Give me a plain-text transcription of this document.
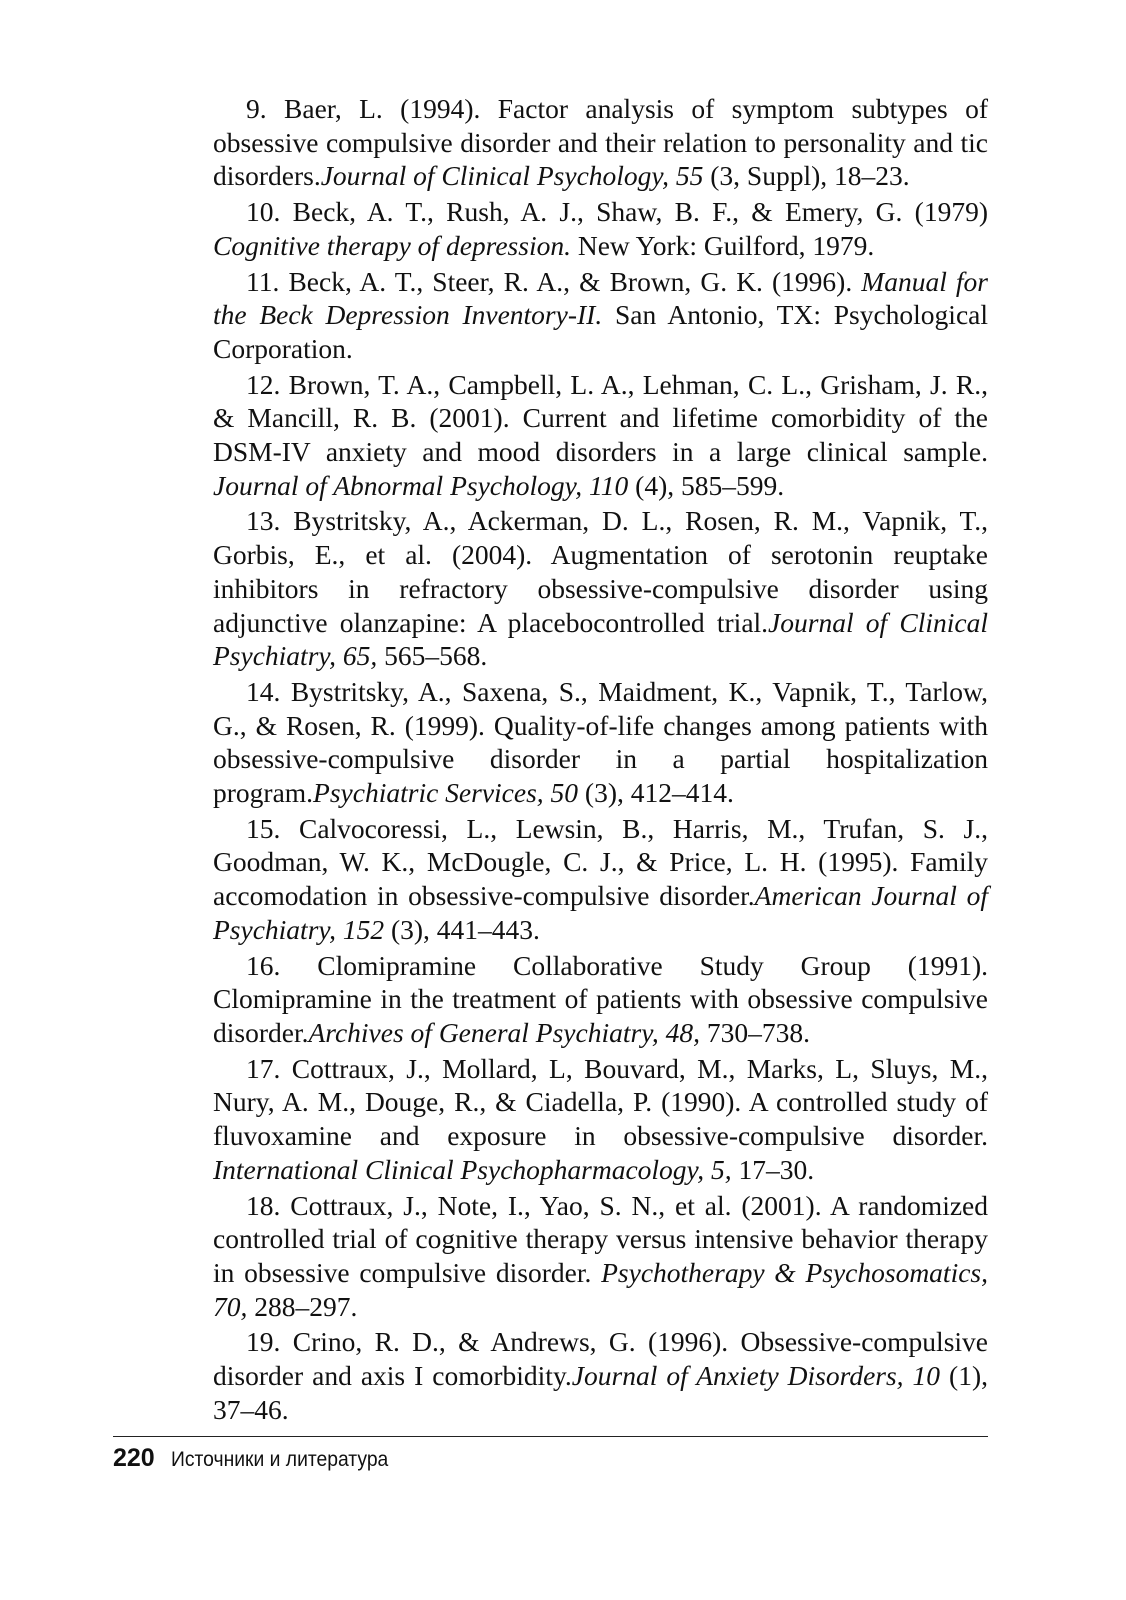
9. Baer, L. (1994). Factor analysis of symptom subtypes of obsessive compulsive disorder and their relation to personality and tic disorders.Journal of Clinical Psychology, 55 (3, Suppl), 18–23.

10. Beck, A. T., Rush, A. J., Shaw, B. F., & Emery, G. (1979) Cognitive therapy of depression. New York: Guilford, 1979.

11. Beck, A. T., Steer, R. A., & Brown, G. K. (1996). Manual for the Beck Depression Inventory-II. San Antonio, TX: Psychological Corporation.

12. Brown, T. A., Campbell, L. A., Lehman, C. L., Grisham, J. R., & Mancill, R. B. (2001). Current and lifetime comorbidity of the DSM-IV anxiety and mood disorders in a large clinical sample. Journal of Abnormal Psychology, 110 (4), 585–599.

13. Bystritsky, A., Ackerman, D. L., Rosen, R. M., Vapnik, T., Gorbis, E., et al. (2004). Augmentation of serotonin reuptake inhibitors in refractory obsessive-compulsive disorder using adjunctive olanzapine: A placebocontrolled trial.Journal of Clinical Psychiatry, 65, 565–568.

14. Bystritsky, A., Saxena, S., Maidment, K., Vapnik, T., Tarlow, G., & Rosen, R. (1999). Quality-of-life changes among patients with obsessive-compulsive disorder in a partial hospitalization program.Psychiatric Services, 50 (3), 412–414.

15. Calvocoressi, L., Lewsin, B., Harris, M., Trufan, S. J., Goodman, W. K., McDougle, C. J., & Price, L. H. (1995). Family accomodation in obsessive-compulsive disorder.American Journal of Psychiatry, 152 (3), 441–443.

16. Clomipramine Collaborative Study Group (1991). Clomipramine in the treatment of patients with obsessive compulsive disorder.Archives of General Psychiatry, 48, 730–738.

17. Cottraux, J., Mollard, L, Bouvard, M., Marks, L, Sluys, M., Nury, A. M., Douge, R., & Ciadella, P. (1990). A controlled study of fluvoxamine and exposure in obsessive-compulsive disorder. International Clinical Psychopharmacology, 5, 17–30.

18. Cottraux, J., Note, I., Yao, S. N., et al. (2001). A randomized controlled trial of cognitive therapy versus intensive behavior therapy in obsessive compulsive disorder. Psychotherapy & Psychosomatics, 70, 288–297.

19. Crino, R. D., & Andrews, G. (1996). Obsessive-compulsive disorder and axis I comorbidity.Journal of Anxiety Disorders, 10 (1), 37–46.

220 Источники и литература
